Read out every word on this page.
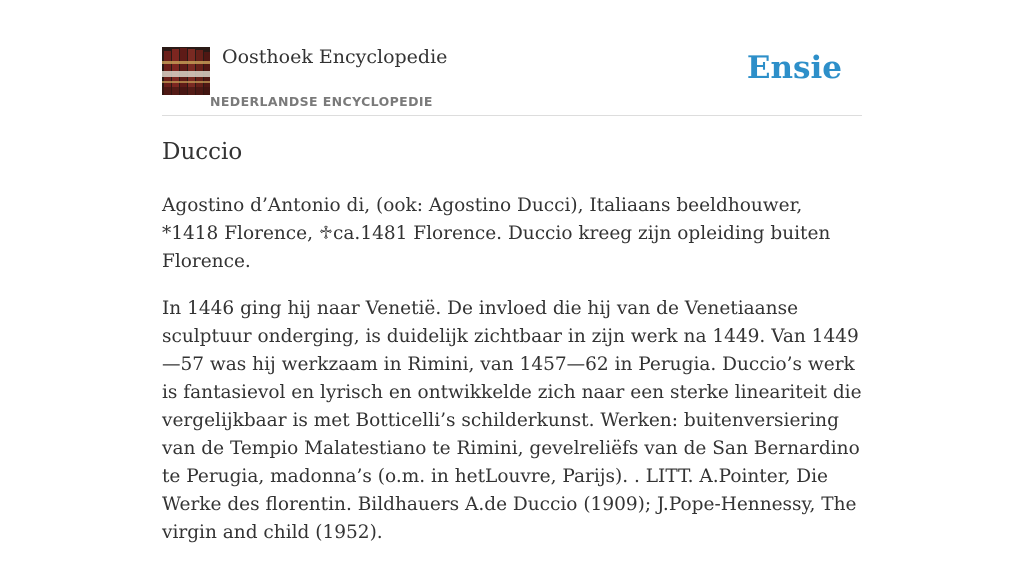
Oosthoek Encyclopedie
NEDERLANDSE ENCYCLOPEDIE
Ensie
Duccio

Agostino d’Antonio di, (ook: Agostino Ducci), Italiaans beeldhouwer, *1418 Florence, ♱ca.1481 Florence. Duccio kreeg zijn opleiding buiten Florence.

In 1446 ging hij naar Venetië. De invloed die hij van de Venetiaanse sculptuur onderging, is duidelijk zichtbaar in zijn werk na 1449. Van 1449—57 was hij werkzaam in Rimini, van 1457—62 in Perugia. Duccio’s werk is fantasievol en lyrisch en ontwikkelde zich naar een sterke lineariteit die vergelijkbaar is met Botticelli’s schilderkunst. Werken: buitenversiering van de Tempio Malatestiano te Rimini, gevelreliëfs van de San Bernardino te Perugia, madonna’s (o.m. in hetLouvre, Parijs). . LITT. A.Pointer, Die Werke des florentin. Bildhauers A.de Duccio (1909); J.Pope-Hennessy, The virgin and child (1952).
